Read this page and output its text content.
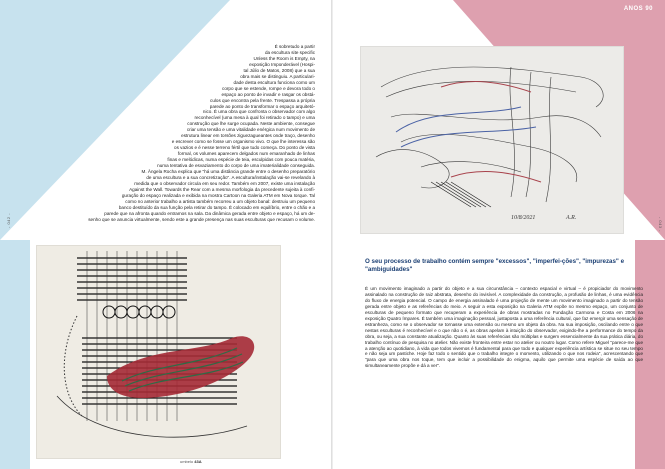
- 042 -
É sobretudo a partir
da escultura site specific
Unless the Room is Empty, na
exposição Imponderável (Hospi-
tal Júlio de Matos, 2008) que a sua
obra mais se distinguiu. A particulari-
dade desta escultura funciona como um
corpo que se estende, rompe e devora todo o
espaço ao ponto de invadir e rasgar os obstá-
culos que encontra pela frente. Trespassa a própria
parede ao ponto de transformar o espaço arquitetó-
nico. É uma obra que confronta o observador com algo
reconhecível (uma mesa à qual foi retirado o tampo) e uma
construção que lhe surge ocupada. Neste ambiente, consegue
criar uma tensão e uma vitalidade enérgica num movimento de
estrutura linear em torsões ziguezagueantes onde traço, desenho
e escrever como se fosse um organismo vivo. O que lhe interessa são
os vazios e é nesse terreno fértil que tudo começa. Do ponto de vista
formal, os volumes aparecem delgados num emaranhado de linhas
finas e melódicas, numa espécie de teia, esculpidas com pouca matéria,
numa tentativa de esvaziamento do corpo de uma imaterialidade conseguida.
M. Ângela Rocha explica que "há uma distância grande entre o desenho preparatório
de uma escultura e a sua concretização". A escultura/instalação vai-se revelando à
medida que o observador circula em seu redor. Também em 2007, existe uma instalação
Against the Wall. Towards the Rear com a mesma morfologia da precedente sujeita à confi-
guração do espaço realizada e exibida na mostra Cartoon na Galeria ATM em Nova Iorque. Tal
como no anterior trabalho a artista também recorreu a um objeto banal: destruiu um pequeno
banco destituído da sua função pela retirar do tampo. É colocado em equilíbrio, entre o chão e a
parede que na afronta quando entramos na sala. Da dinâmica gerada entre objeto e espaço, há um de-
senho que se anuncia virtualmente, sendo este a grande presença nas suas esculturas que recusam o volume.
ANOS 90
- 043 -
10/8/2021	A.R.
O seu processo de trabalho contém sempre "excessos", "imperfei-ções", "impurezas" e "ambiguidades"
É um movimento imaginado a partir do objeto e a sua circunstância – contexto espacial e virtual – é propiciador do movimento assinalado na construção de raiz abstrata, desenho do invisível. A complexidade da construção, a profusão de linhas, é uma evidência do fluxo de energia potencial. O campo de energia assinalado é uma projeção de mente um movimento imaginado a partir do tensão gerada entre objeto e as referências do meio. A seguir a esta exposição na Galeria ATM expõe no mesmo espaço, um conjunto de esculturas de pequeno formato que recuperam a experiência de obras mostradas no Fundação Carmona e Costa em 2006 na exposição Quatro Ímpares. É também uma imaginação pessoal, justaposta a uma referência cultural, que faz emergir uma sensação de estranheza, como se o observador se tornasse uma extensão ou mesmo um objeto da obra. Na sua imposição, oscilando entre o que nestas esculturas é reconhecível e o que não o é, as obras apelam à intuição do observador, exigindo-lhe a performance do tempo da obra, ou seja, a sua constante atualização. Quanto às suas referências são múltiplas e surgem essencialmente da sua prática diária, do trabalho contínuo de pesquisa no atelier. Não existe fronteira entre estar no atelier ou noutro lugar. Como refere Miguel "parece-me que a atenção ao quotidiano, à vida que todos vivemos é fundamental para que todo e qualquer experiência artística se situe no seu tempo e não seja um pastiche. Hoje faz todo o sentido que o trabalho integre o momento, utilizando o que nos rodeia", acrescentando que "para que uma obra nos toque, tem que incluir a possibilidade do enigma, aquilo que permite uma espécie de saída ao que simultaneamente propõe e dá a ver".
umbelo 43A
